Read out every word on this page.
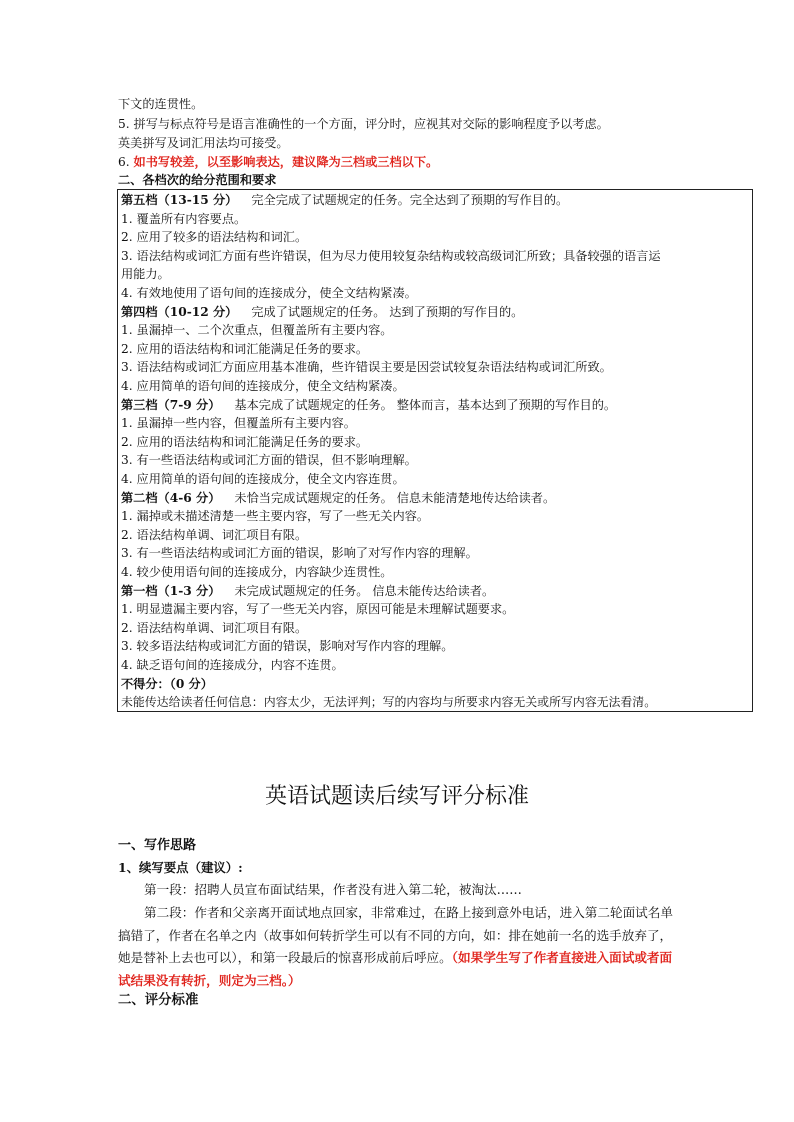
下文的连贯性。
5. 拼写与标点符号是语言准确性的一个方面，评分时，应视其对交际的影响程度予以考虑。
英美拼写及词汇用法均可接受。
6. 如书写较差，以至影响表达，建议降为三档或三档以下。
二、各档次的给分范围和要求
第五档（13-15 分） 完全完成了试题规定的任务。完全达到了预期的写作目的。
1. 覆盖所有内容要点。
2. 应用了较多的语法结构和词汇。
3. 语法结构或词汇方面有些许错误，但为尽力使用较复杂结构或较高级词汇所致；具备较强的语言运
用能力。
4. 有效地使用了语句间的连接成分，使全文结构紧凑。
第四档（10-12 分） 完成了试题规定的任务。 达到了预期的写作目的。
1. 虽漏掉一、二个次重点，但覆盖所有主要内容。
2. 应用的语法结构和词汇能满足任务的要求。
3. 语法结构或词汇方面应用基本准确，些许错误主要是因尝试较复杂语法结构或词汇所致。
4. 应用简单的语句间的连接成分，使全文结构紧凑。
第三档（7-9 分） 基本完成了试题规定的任务。 整体而言，基本达到了预期的写作目的。
1. 虽漏掉一些内容，但覆盖所有主要内容。
2. 应用的语法结构和词汇能满足任务的要求。
3. 有一些语法结构或词汇方面的错误，但不影响理解。
4. 应用简单的语句间的连接成分，使全文内容连贯。
第二档（4-6 分） 未恰当完成试题规定的任务。 信息未能清楚地传达给读者。
1. 漏掉或未描述清楚一些主要内容，写了一些无关内容。
2. 语法结构单调、词汇项目有限。
3. 有一些语法结构或词汇方面的错误，影响了对写作内容的理解。
4. 较少使用语句间的连接成分，内容缺少连贯性。
第一档（1-3 分） 未完成试题规定的任务。 信息未能传达给读者。
1. 明显遗漏主要内容，写了一些无关内容，原因可能是未理解试题要求。
2. 语法结构单调、词汇项目有限。
3. 较多语法结构或词汇方面的错误，影响对写作内容的理解。
4. 缺乏语句间的连接成分，内容不连贯。
不得分：（0 分）
未能传达给读者任何信息：内容太少，无法评判；写的内容均与所要求内容无关或所写内容无法看清。
英语试题读后续写评分标准
一、写作思路
1、续写要点（建议）:
第一段：招聘人员宣布面试结果，作者没有进入第二轮，被淘汰……
第二段：作者和父亲离开面试地点回家，非常难过，在路上接到意外电话，进入第二轮面试名单搞错了，作者在名单之内（故事如何转折学生可以有不同的方向，如：排在她前一名的选手放弃了，她是替补上去也可以），和第一段最后的惊喜形成前后呼应。（如果学生写了作者直接进入面试或者面试结果没有转折，则定为三档。）
二、评分标准
